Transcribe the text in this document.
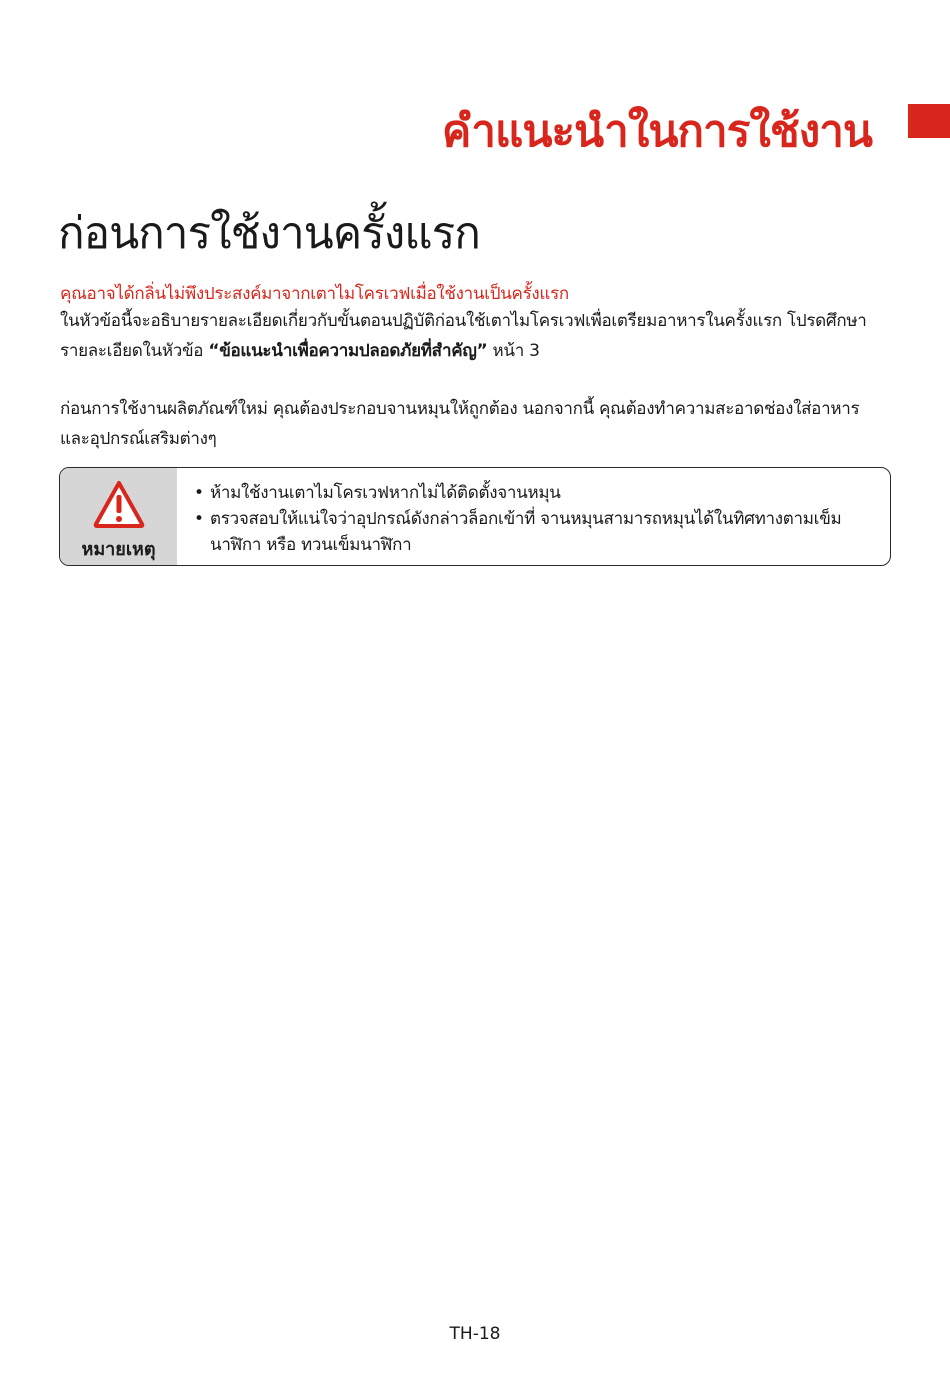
คำแนะนำในการใช้งาน
ก่อนการใช้งานครั้งแรก
คุณอาจได้กลิ่นไม่พึงประสงค์มาจากเตาไมโครเวฟเมื่อใช้งานเป็นครั้งแรก
ในหัวข้อนี้จะอธิบายรายละเอียดเกี่ยวกับขั้นตอนปฏิบัติก่อนใช้เตาไมโครเวฟเพื่อเตรียมอาหารในครั้งแรก โปรดศึกษา
รายละเอียดในหัวข้อ “ข้อแนะนำเพื่อความปลอดภัยที่สำคัญ” หน้า 3
ก่อนการใช้งานผลิตภัณฑ์ใหม่ คุณต้องประกอบจานหมุนให้ถูกต้อง นอกจากนี้ คุณต้องทำความสะอาดช่องใส่อาหาร
และอุปกรณ์เสริมต่างๆ
หมายเหตุ
• ห้ามใช้งานเตาไมโครเวฟหากไม่ได้ติดตั้งจานหมุน
• ตรวจสอบให้แน่ใจว่าอุปกรณ์ดังกล่าวล็อกเข้าที่ จานหมุนสามารถหมุนได้ในทิศทางตามเข็ม
นาฬิกา หรือ ทวนเข็มนาฬิกา
TH-18
